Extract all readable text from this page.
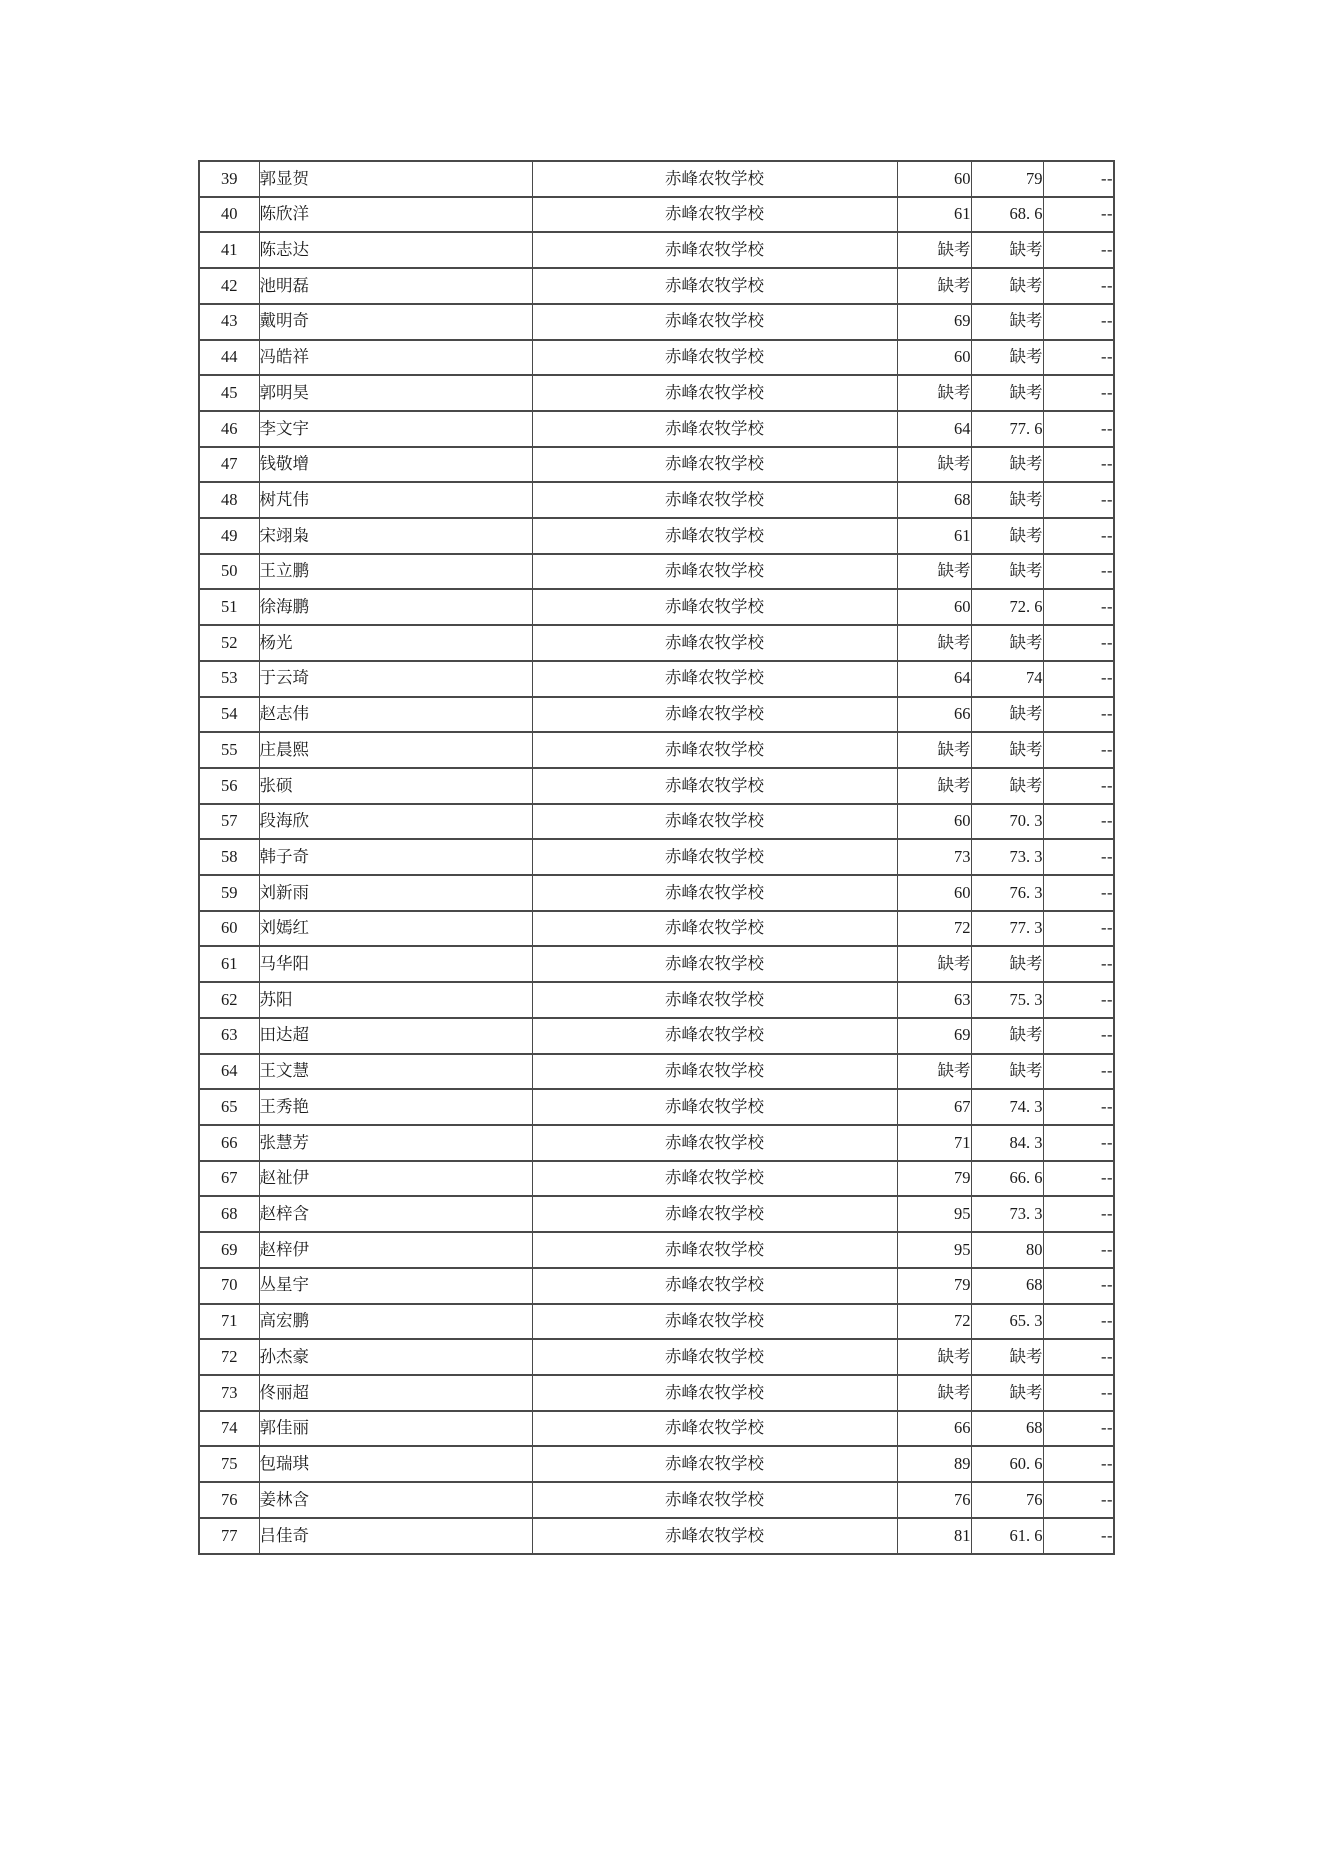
39	郭显贺	赤峰农牧学校	60	79	--
40	陈欣洋	赤峰农牧学校	61	68. 6	--
41	陈志达	赤峰农牧学校	缺考	缺考	--
42	池明磊	赤峰农牧学校	缺考	缺考	--
43	戴明奇	赤峰农牧学校	69	缺考	--
44	冯皓祥	赤峰农牧学校	60	缺考	--
45	郭明昊	赤峰农牧学校	缺考	缺考	--
46	李文宇	赤峰农牧学校	64	77. 6	--
47	钱敬增	赤峰农牧学校	缺考	缺考	--
48	树芃伟	赤峰农牧学校	68	缺考	--
49	宋翊枭	赤峰农牧学校	61	缺考	--
50	王立鹏	赤峰农牧学校	缺考	缺考	--
51	徐海鹏	赤峰农牧学校	60	72. 6	--
52	杨光	赤峰农牧学校	缺考	缺考	--
53	于云琦	赤峰农牧学校	64	74	--
54	赵志伟	赤峰农牧学校	66	缺考	--
55	庄晨熙	赤峰农牧学校	缺考	缺考	--
56	张硕	赤峰农牧学校	缺考	缺考	--
57	段海欣	赤峰农牧学校	60	70. 3	--
58	韩子奇	赤峰农牧学校	73	73. 3	--
59	刘新雨	赤峰农牧学校	60	76. 3	--
60	刘嫣红	赤峰农牧学校	72	77. 3	--
61	马华阳	赤峰农牧学校	缺考	缺考	--
62	苏阳	赤峰农牧学校	63	75. 3	--
63	田达超	赤峰农牧学校	69	缺考	--
64	王文慧	赤峰农牧学校	缺考	缺考	--
65	王秀艳	赤峰农牧学校	67	74. 3	--
66	张慧芳	赤峰农牧学校	71	84. 3	--
67	赵祉伊	赤峰农牧学校	79	66. 6	--
68	赵梓含	赤峰农牧学校	95	73. 3	--
69	赵梓伊	赤峰农牧学校	95	80	--
70	丛星宇	赤峰农牧学校	79	68	--
71	高宏鹏	赤峰农牧学校	72	65. 3	--
72	孙杰豪	赤峰农牧学校	缺考	缺考	--
73	佟丽超	赤峰农牧学校	缺考	缺考	--
74	郭佳丽	赤峰农牧学校	66	68	--
75	包瑞琪	赤峰农牧学校	89	60. 6	--
76	姜林含	赤峰农牧学校	76	76	--
77	吕佳奇	赤峰农牧学校	81	61. 6	--
